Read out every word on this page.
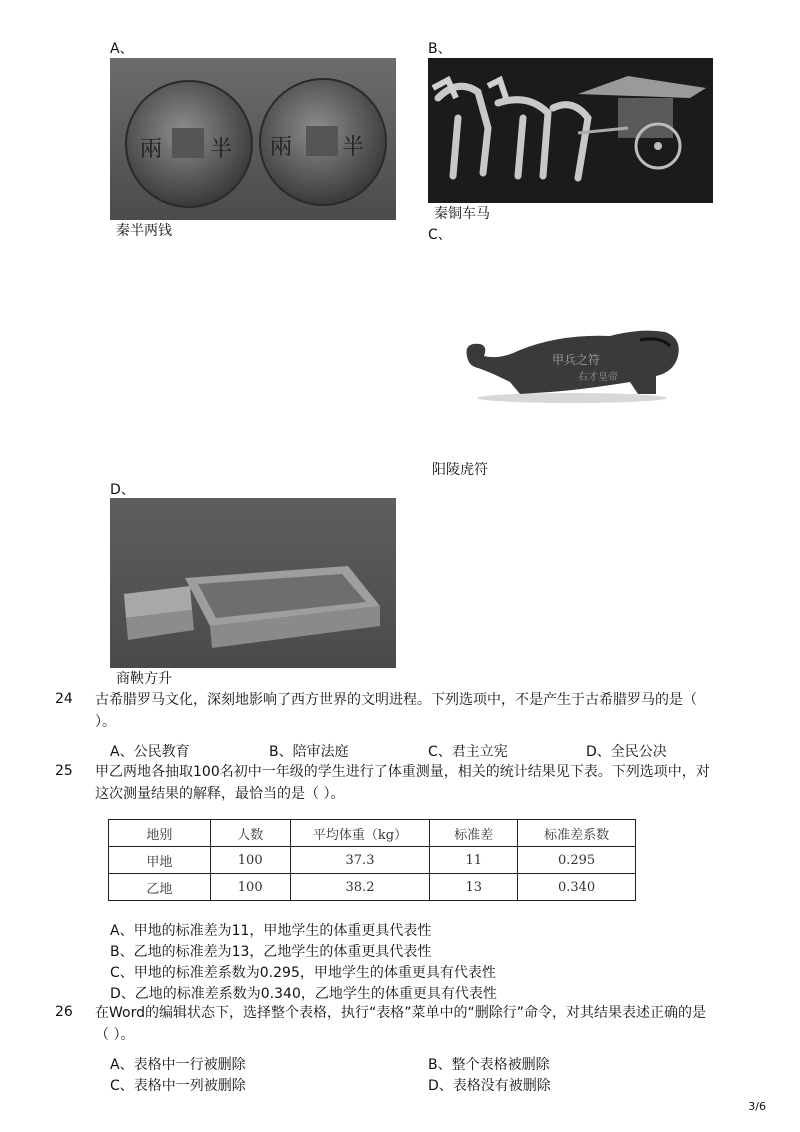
A、
兩 半 兩 半
秦半两钱
B、
秦铜车马
C、
甲兵之符
右才皇帝
阳陵虎符
D、
商鞅方升
24 古希腊罗马文化，深刻地影响了西方世界的文明进程。下列选项中，不是产生于古希腊罗马的是（ ）。
A、公民教育	B、陪审法庭	C、君主立宪	D、全民公决
25 甲乙两地各抽取100名初中一年级的学生进行了体重测量，相关的统计结果见下表。下列选项中，对这次测量结果的解释，最恰当的是（ ）。
地别	人数	平均体重（kg）	标准差	标准差系数
甲地	100	37.3	11	0.295
乙地	100	38.2	13	0.340
A、甲地的标准差为11，甲地学生的体重更具代表性
B、乙地的标准差为13，乙地学生的体重更具代表性
C、甲地的标准差系数为0.295，甲地学生的体重更具有代表性
D、乙地的标准差系数为0.340，乙地学生的体重更具有代表性
26 在Word的编辑状态下，选择整个表格，执行“表格”菜单中的“删除行”命令，对其结果表述正确的是（ ）。
A、表格中一行被删除	B、整个表格被删除
C、表格中一列被删除	D、表格没有被删除
3/6
